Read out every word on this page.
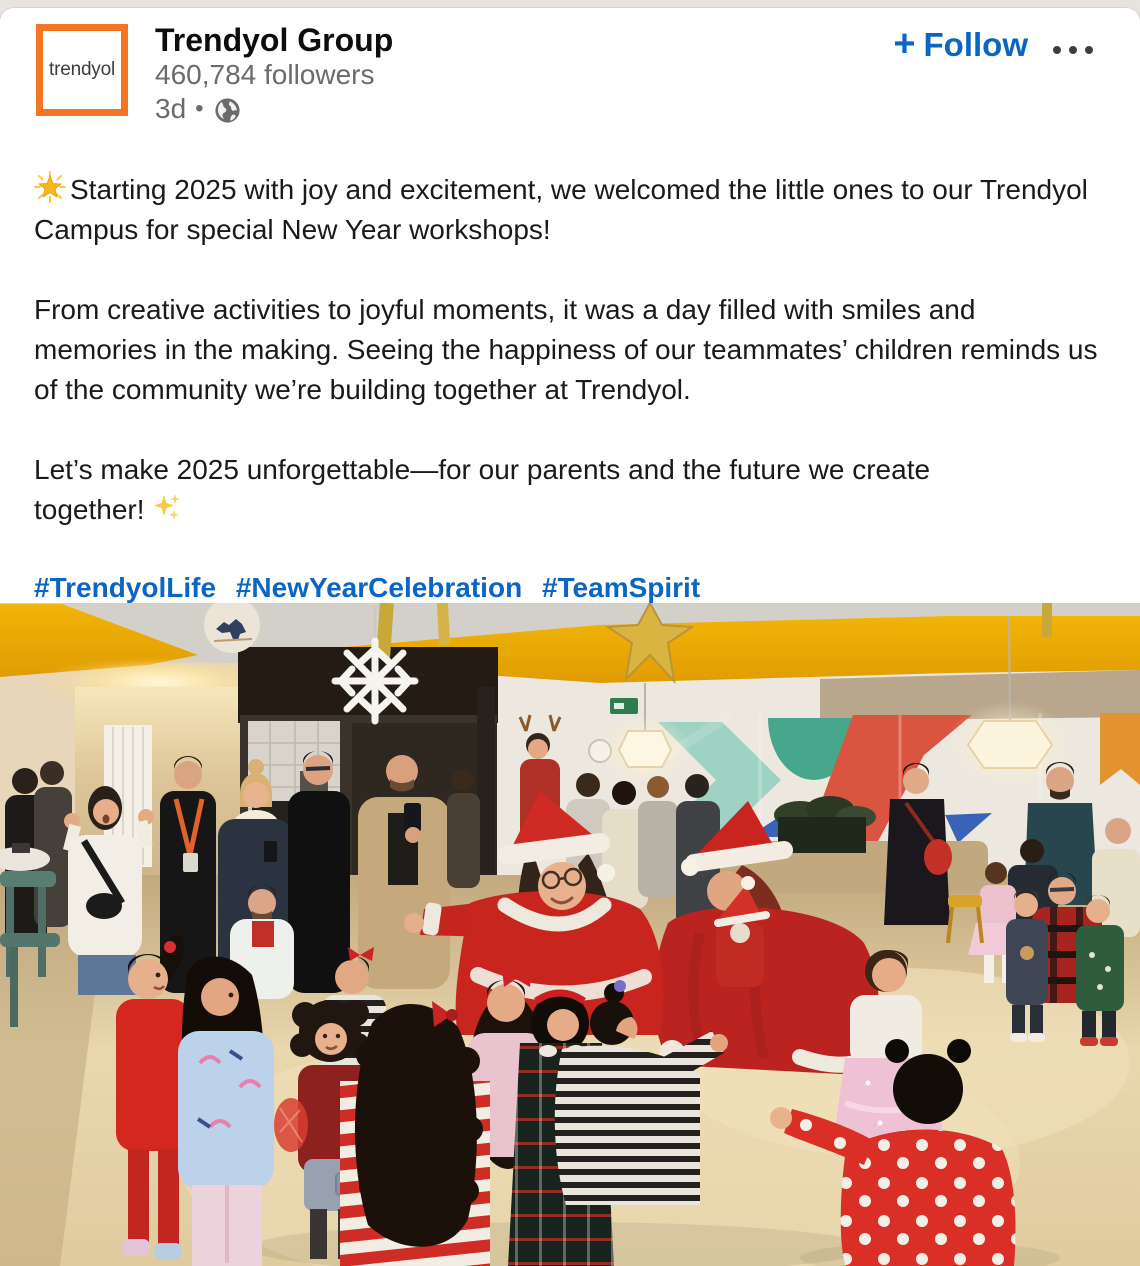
trendyol
Trendyol Group
460,784 followers
3d •
+ Follow

Starting 2025 with joy and excitement, we welcomed the little ones to our Trendyol Campus for special New Year workshops!

From creative activities to joyful moments, it was a day filled with smiles and memories in the making. Seeing the happiness of our teammates’ children reminds us of the community we’re building together at Trendyol.

Let’s make 2025 unforgettable—for our parents and the future we create together!

#TrendyolLife #NewYearCelebration #TeamSpirit
